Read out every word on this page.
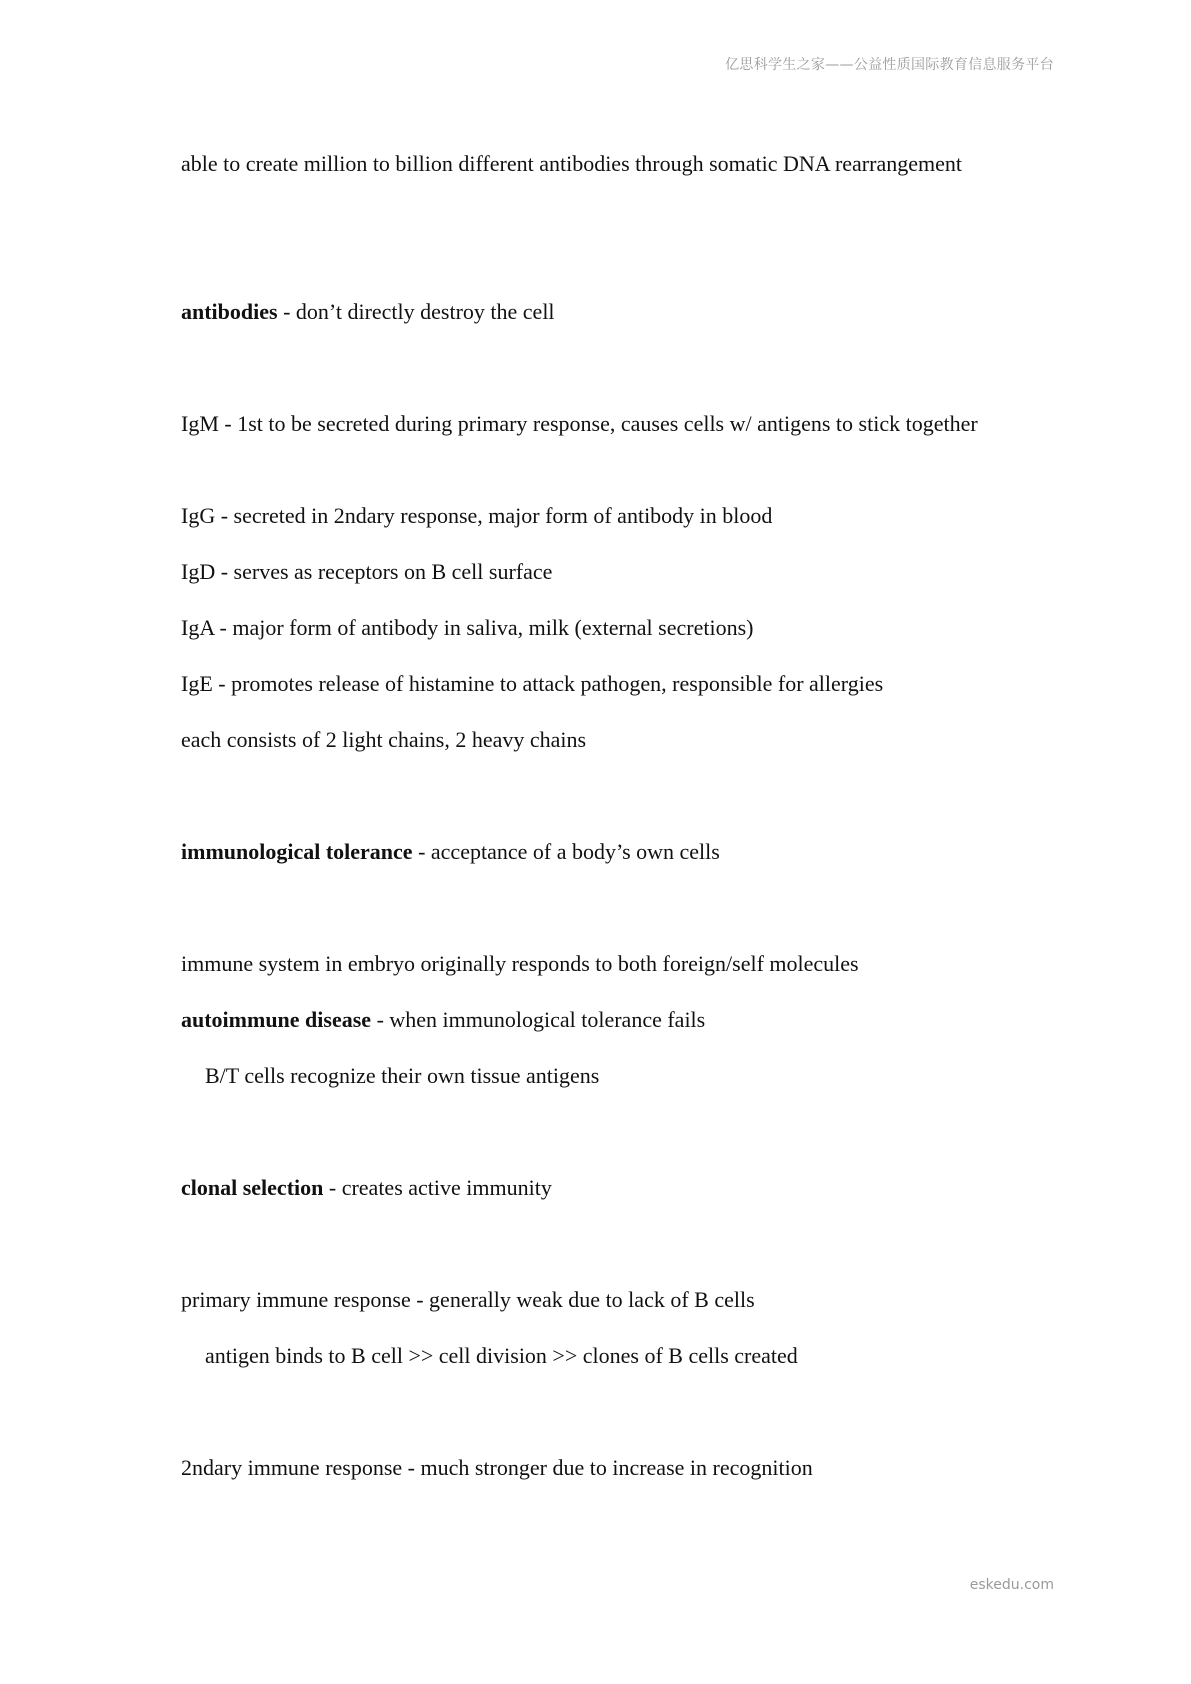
亿思科学生之家——公益性质国际教育信息服务平台

able to create million to billion different antibodies through somatic DNA rearrangement

antibodies - don’t directly destroy the cell

IgM - 1st to be secreted during primary response, causes cells w/ antigens to stick together

IgG - secreted in 2ndary response, major form of antibody in blood

IgD - serves as receptors on B cell surface

IgA - major form of antibody in saliva, milk (external secretions)

IgE - promotes release of histamine to attack pathogen, responsible for allergies

each consists of 2 light chains, 2 heavy chains

immunological tolerance - acceptance of a body’s own cells

immune system in embryo originally responds to both foreign/self molecules

autoimmune disease - when immunological tolerance fails

B/T cells recognize their own tissue antigens

clonal selection - creates active immunity

primary immune response - generally weak due to lack of B cells

antigen binds to B cell >> cell division >> clones of B cells created

2ndary immune response - much stronger due to increase in recognition

eskedu.com
